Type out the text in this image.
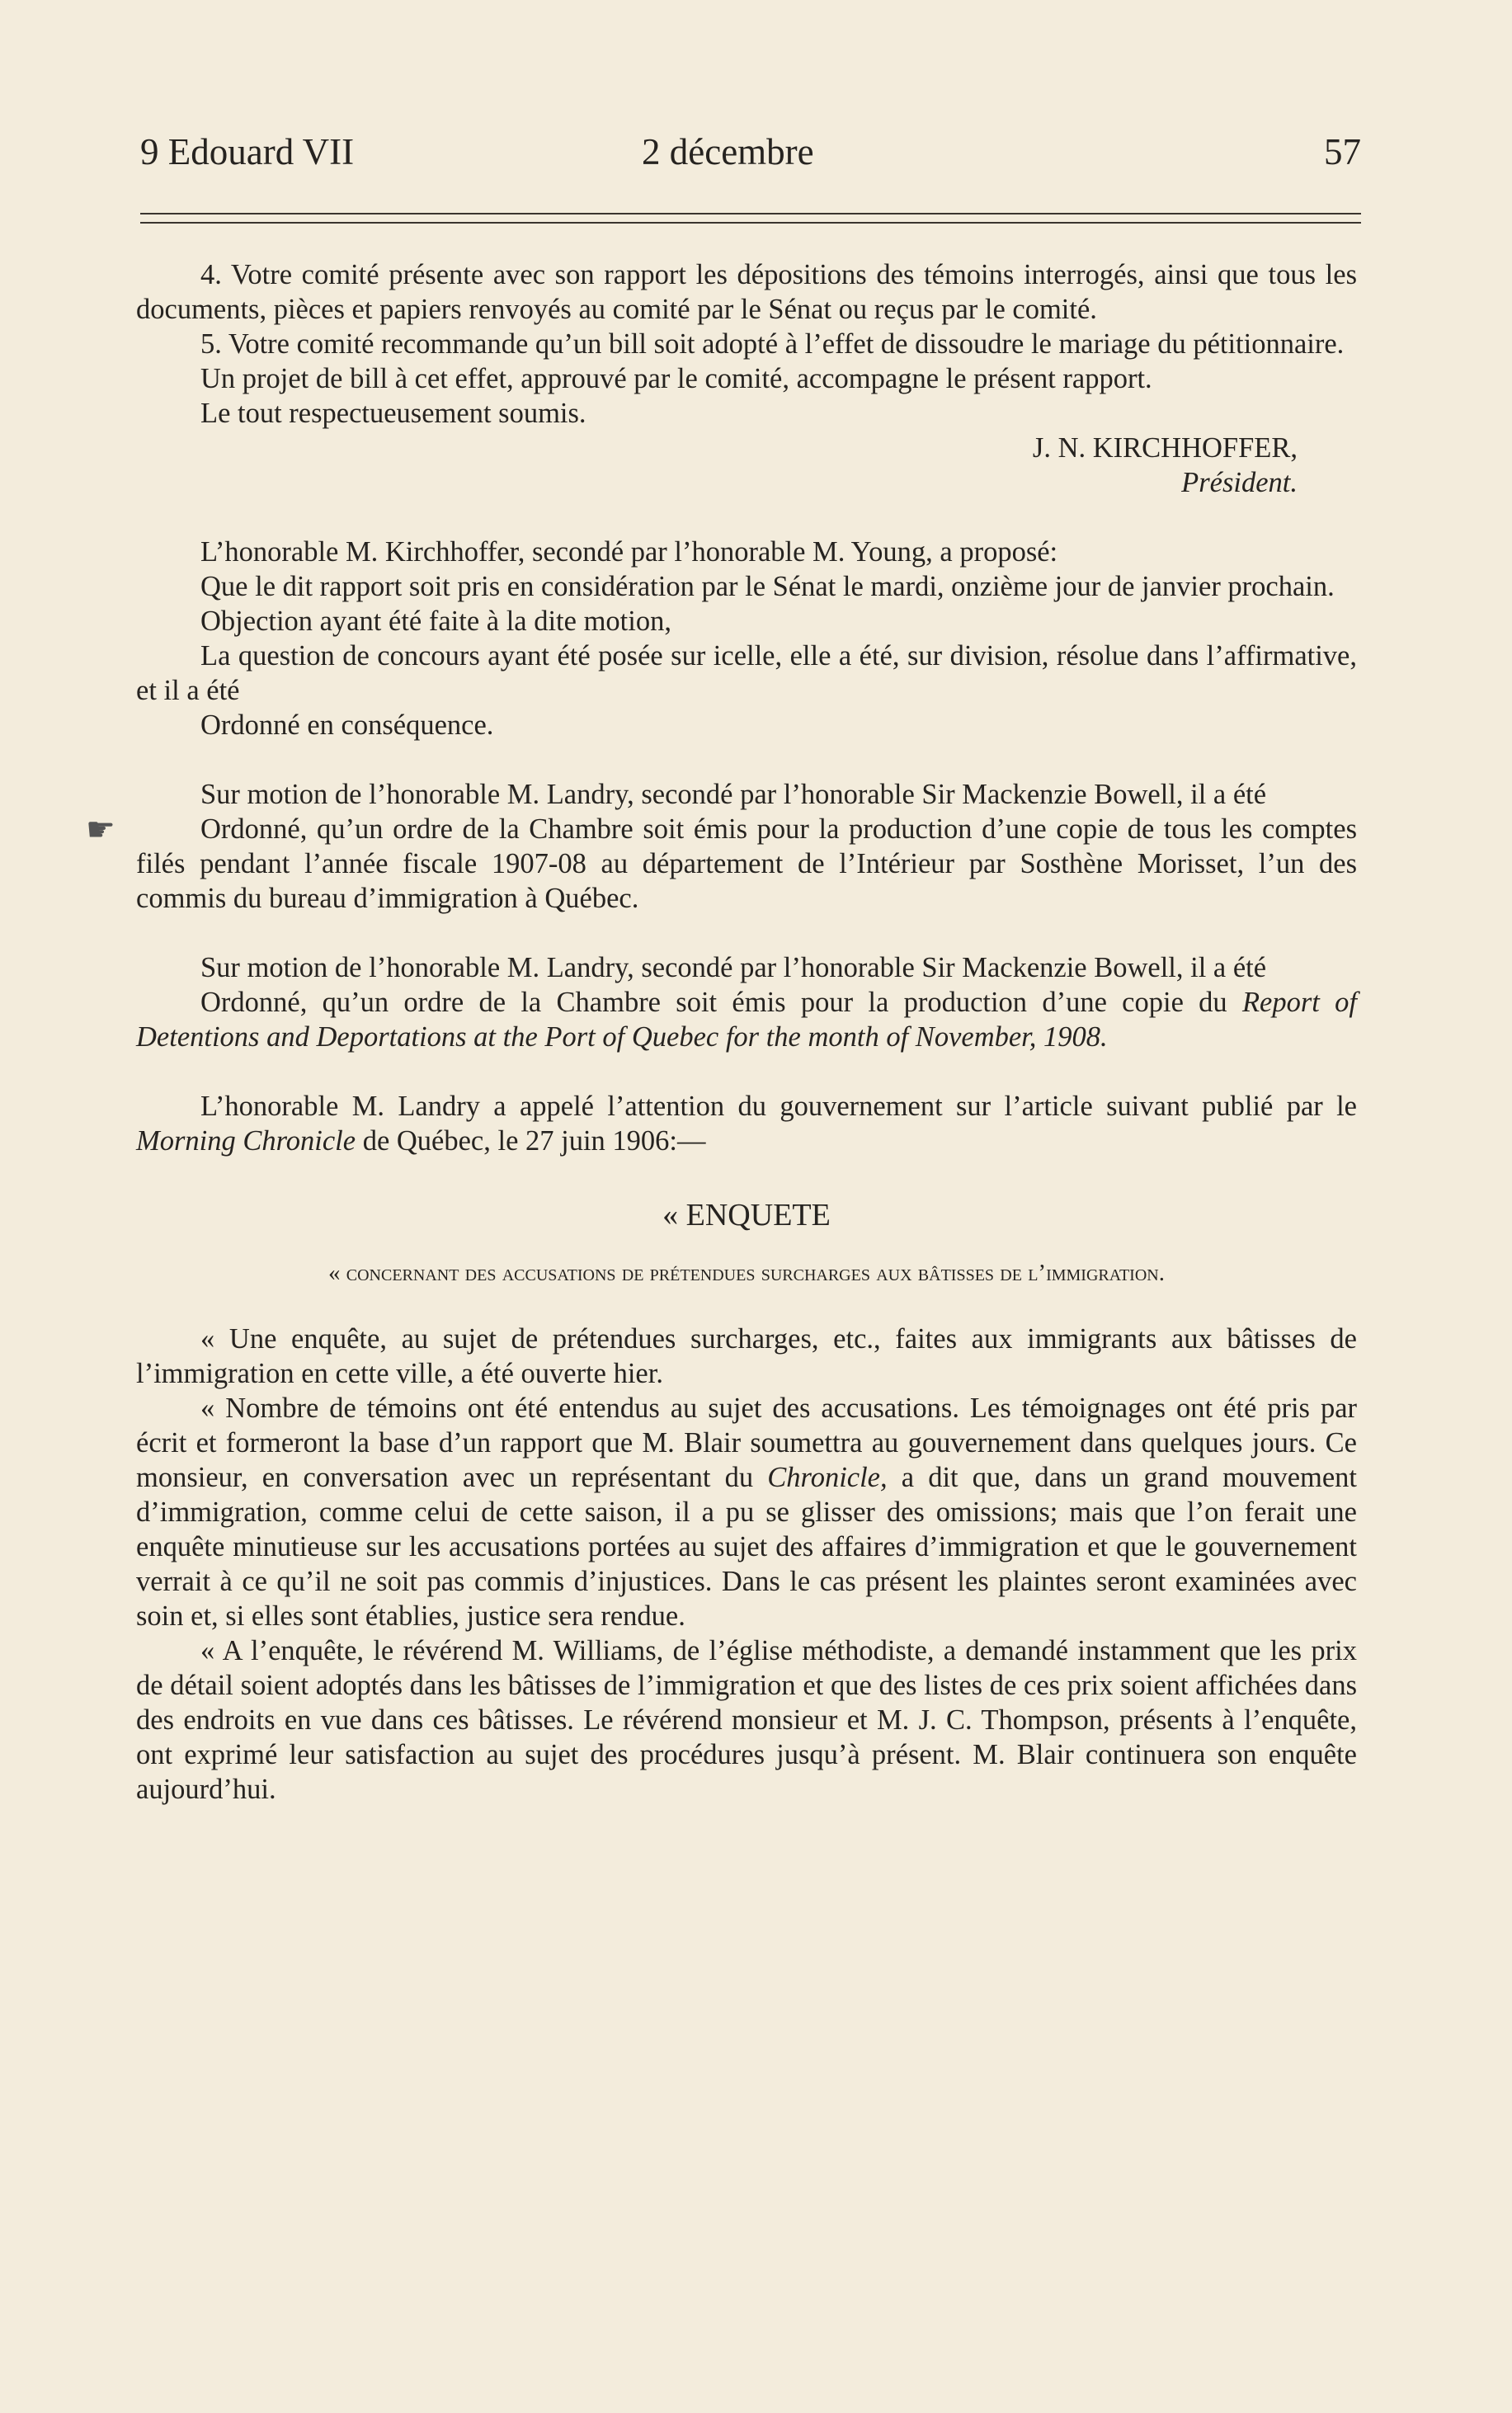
9 Edouard VII	2 décembre	57
☛

4. Votre comité présente avec son rapport les dépositions des témoins interrogés, ainsi que tous les documents, pièces et papiers renvoyés au comité par le Sénat ou reçus par le comité.

5. Votre comité recommande qu’un bill soit adopté à l’effet de dissoudre le mariage du pétitionnaire.

Un projet de bill à cet effet, approuvé par le comité, accompagne le présent rapport.

Le tout respectueusement soumis.

J. N. KIRCHHOFFER,

Président.

L’honorable M. Kirchhoffer, secondé par l’honorable M. Young, a proposé:

Que le dit rapport soit pris en considération par le Sénat le mardi, onzième jour de janvier prochain.

Objection ayant été faite à la dite motion,

La question de concours ayant été posée sur icelle, elle a été, sur division, résolue dans l’affirmative, et il a été

Ordonné en conséquence.

Sur motion de l’honorable M. Landry, secondé par l’honorable Sir Mackenzie Bowell, il a été

Ordonné, qu’un ordre de la Chambre soit émis pour la production d’une copie de tous les comptes filés pendant l’année fiscale 1907-08 au département de l’Intérieur par Sosthène Morisset, l’un des commis du bureau d’immigration à Québec.

Sur motion de l’honorable M. Landry, secondé par l’honorable Sir Mackenzie Bowell, il a été

Ordonné, qu’un ordre de la Chambre soit émis pour la production d’une copie du Report of Detentions and Deportations at the Port of Quebec for the month of November, 1908.

L’honorable M. Landry a appelé l’attention du gouvernement sur l’article suivant publié par le Morning Chronicle de Québec, le 27 juin 1906:—

« ENQUETE

« concernant des accusations de prétendues surcharges aux bâtisses de l’immigration.

« Une enquête, au sujet de prétendues surcharges, etc., faites aux immigrants aux bâtisses de l’immigration en cette ville, a été ouverte hier.

« Nombre de témoins ont été entendus au sujet des accusations. Les témoignages ont été pris par écrit et formeront la base d’un rapport que M. Blair soumettra au gouvernement dans quelques jours. Ce monsieur, en conversation avec un représentant du Chronicle, a dit que, dans un grand mouvement d’immigration, comme celui de cette saison, il a pu se glisser des omissions; mais que l’on ferait une enquête minutieuse sur les accusations portées au sujet des affaires d’immigration et que le gouvernement verrait à ce qu’il ne soit pas commis d’injustices. Dans le cas présent les plaintes seront examinées avec soin et, si elles sont établies, justice sera rendue.

« A l’enquête, le révérend M. Williams, de l’église méthodiste, a demandé instamment que les prix de détail soient adoptés dans les bâtisses de l’immigration et que des listes de ces prix soient affichées dans des endroits en vue dans ces bâtisses. Le révérend monsieur et M. J. C. Thompson, présents à l’enquête, ont exprimé leur satisfaction au sujet des procédures jusqu’à présent. M. Blair continuera son enquête aujourd’hui.
